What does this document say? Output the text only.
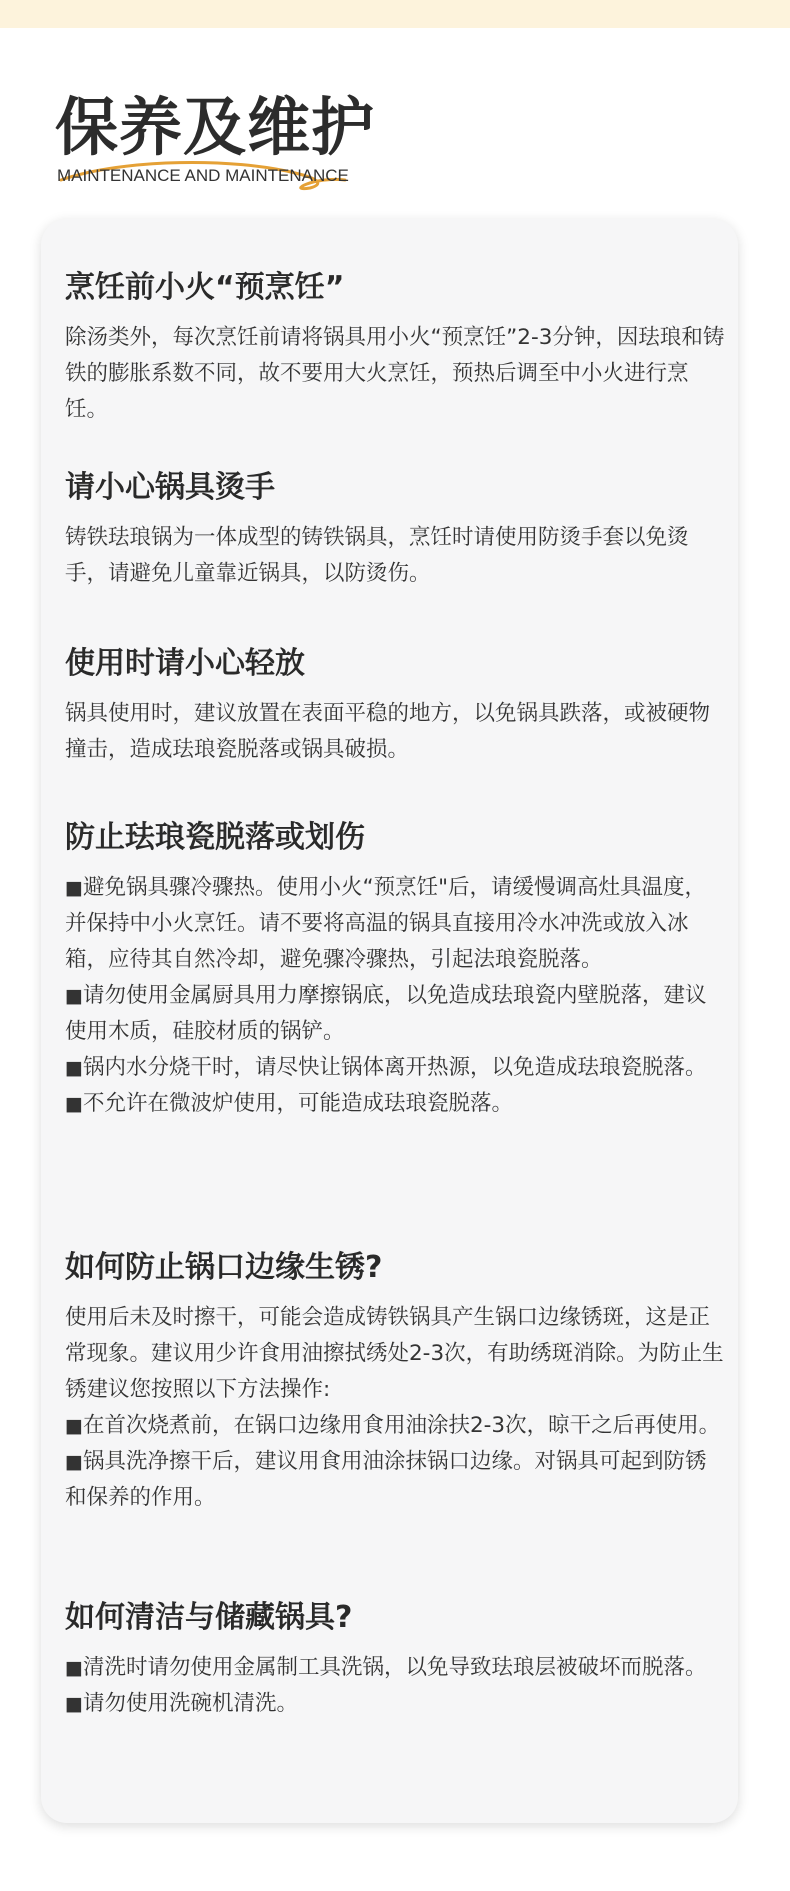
保养及维护
MAINTENANCE AND MAINTENANCE
烹饪前小火“预烹饪”

除汤类外，每次烹饪前请将锅具用小火“预烹饪”2-3分钟，因珐琅和铸铁的膨胀系数不同，故不要用大火烹饪，预热后调至中小火进行烹饪。

请小心锅具烫手

铸铁珐琅锅为一体成型的铸铁锅具，烹饪时请使用防烫手套以免烫手，请避免儿童靠近锅具，以防烫伤。

使用时请小心轻放

锅具使用时，建议放置在表面平稳的地方，以免锅具跌落，或被硬物撞击，造成珐琅瓷脱落或锅具破损。

防止珐琅瓷脱落或划伤

■ 避免锅具骤冷骤热。使用小火“预烹饪"后，请缓慢调高灶具温度，并保持中小火烹饪。请不要将高温的锅具直接用冷水冲洗或放入冰箱，应待其自然冷却，避免骤冷骤热，引起法琅瓷脱落。

■ 请勿使用金属厨具用力摩擦锅底，以免造成珐琅瓷内壁脱落，建议使用木质，硅胶材质的锅铲。

■ 锅内水分烧干时，请尽快让锅体离开热源，以免造成珐琅瓷脱落。

■ 不允许在微波炉使用，可能造成珐琅瓷脱落。

如何防止锅口边缘生锈?

使用后未及时擦干，可能会造成铸铁锅具产生锅口边缘锈斑，这是正常现象。建议用少许食用油擦拭绣处2-3次，有助绣斑消除。为防止生锈建议您按照以下方法操作:

■ 在首次烧煮前，在锅口边缘用食用油涂扶2-3次，晾干之后再使用。

■ 锅具洗净擦干后，建议用食用油涂抹锅口边缘。对锅具可起到防锈和保养的作用。

如何清洁与储藏锅具?

■ 清洗时请勿使用金属制工具洗锅，以免导致珐琅层被破坏而脱落。

■ 请勿使用洗碗机清洗。
